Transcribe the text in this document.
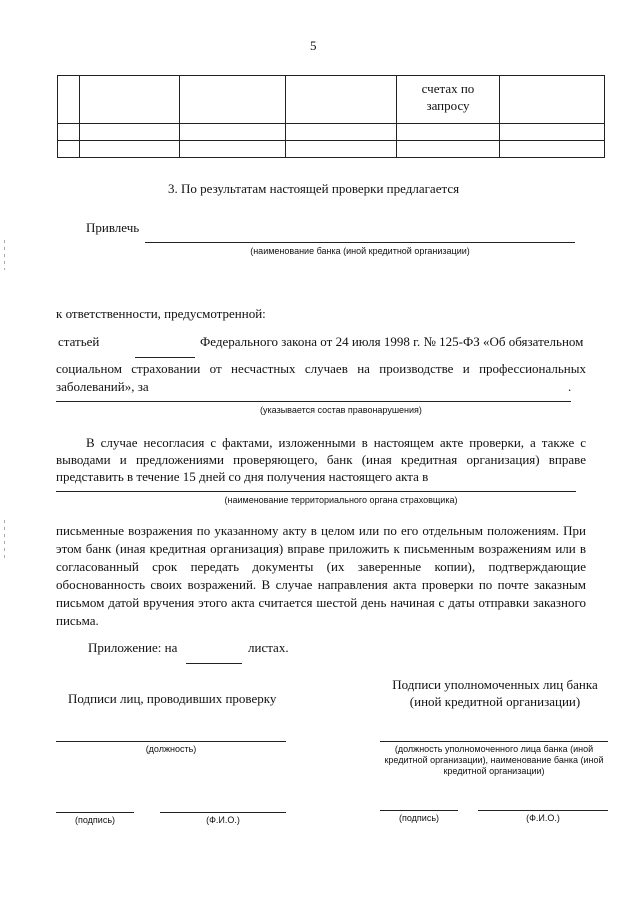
5

				счетах по
запросу	

3. По результатам настоящей проверки предлагается
Привлечь
(наименование банка (иной кредитной организации)
к ответственности, предусмотренной:
статьей	Федерального закона от 24 июля 1998 г. № 125-ФЗ «Об обязательном
социальном страховании от несчастных случаев на производстве и профессиональных
заболеваний», за	.
(указывается состав правонарушения)
В случае несогласия с фактами, изложенными в настоящем акте проверки, а также с
выводами и предложениями проверяющего, банк (иная кредитная организация) вправе
представить в течение 15 дней со дня получения настоящего акта в
(наименование территориального органа страховщика)
письменные возражения по указанному акту в целом или по его отдельным положениям. При
этом банк (иная кредитная организация) вправе приложить к письменным возражениям или в
согласованный срок передать документы (их заверенные копии), подтверждающие
обоснованность своих возражений. В случае направления акта проверки по почте заказным
письмом датой вручения этого акта считается шестой день начиная с даты отправки заказного
письма.
Приложение: на	листах.
Подписи лиц, проводивших проверку
Подписи уполномоченных лиц банка
(иной кредитной организации)
(должность)	(должность уполномоченного лица банка (иной
кредитной организации), наименование банка (иной
кредитной организации)
(подпись)	(Ф.И.О.)	(подпись)	(Ф.И.О.)
